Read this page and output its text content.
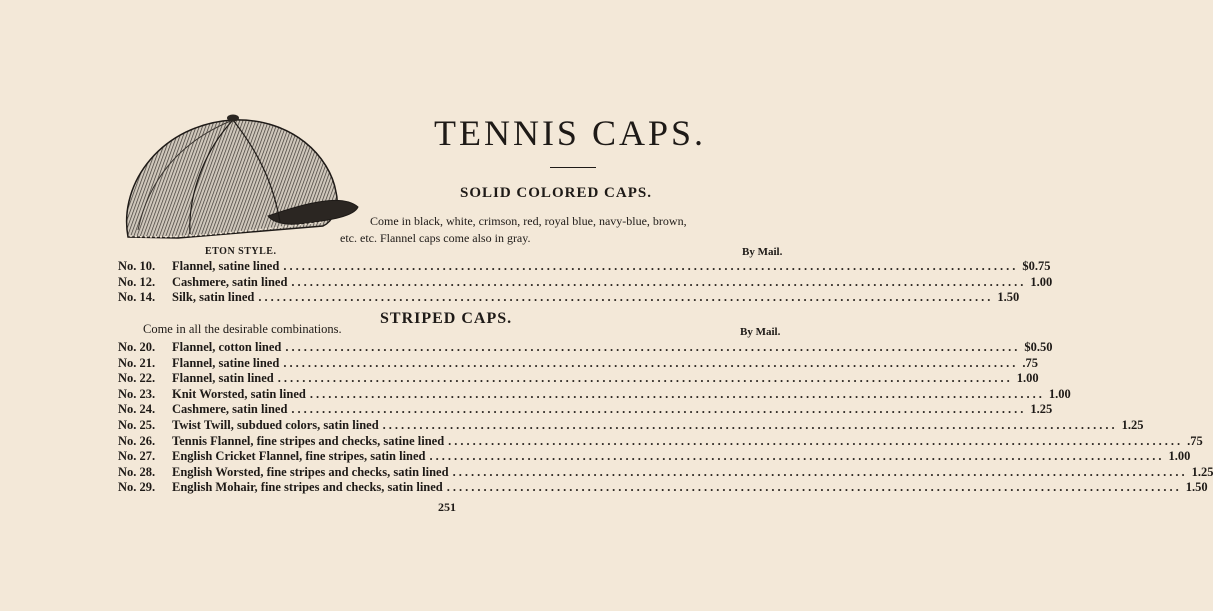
TENNIS CAPS.
SOLID COLORED CAPS.

Come in black, white, crimson, red, royal blue, navy-blue, brown,

etc. etc. Flannel caps come also in gray.

ETON STYLE.	By Mail.
No. 10.	Flannel, satine lined ........................................................................................................................ $0.75
No. 12.	Cashmere, satin lined ........................................................................................................................ 1.00
No. 14.	Silk, satin lined ........................................................................................................................ 1.50
STRIPED CAPS.
Come in all the desirable combinations.	By Mail.
No. 20.	Flannel, cotton lined ........................................................................................................................ $0.50
No. 21.	Flannel, satine lined ........................................................................................................................ .75
No. 22.	Flannel, satin lined ........................................................................................................................ 1.00
No. 23.	Knit Worsted, satin lined ........................................................................................................................ 1.00
No. 24.	Cashmere, satin lined ........................................................................................................................ 1.25
No. 25.	Twist Twill, subdued colors, satin lined ........................................................................................................................ 1.25
No. 26.	Tennis Flannel, fine stripes and checks, satine lined ........................................................................................................................ .75
No. 27.	English Cricket Flannel, fine stripes, satin lined ........................................................................................................................ 1.00
No. 28.	English Worsted, fine stripes and checks, satin lined ........................................................................................................................ 1.25
No. 29.	English Mohair, fine stripes and checks, satin lined ........................................................................................................................ 1.50
251
